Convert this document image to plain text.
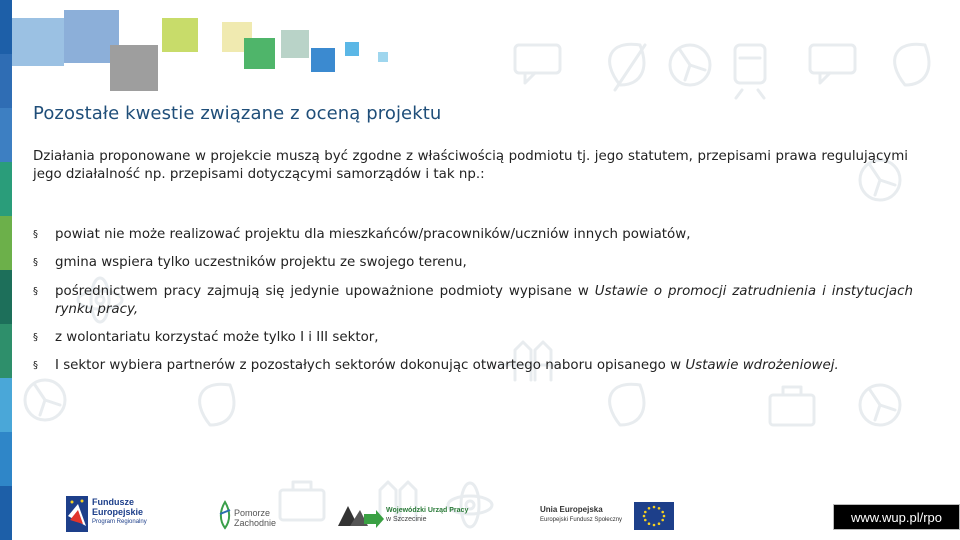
Pozostałe kwestie związane z oceną projektu

Działania proponowane w projekcie muszą być zgodne z właściwością podmiotu tj. jego statutem, przepisami prawa regulującymi jego działalność np. przepisami dotyczącymi samorządów i tak np.:

§ powiat nie może realizować projektu dla mieszkańców/pracowników/uczniów innych powiatów,
§ gmina wspiera tylko uczestników projektu ze swojego terenu,
§ pośrednictwem pracy zajmują się jedynie upoważnione podmioty wypisane w Ustawie o promocji zatrudnienia i instytucjach rynku pracy,
§ z wolontariatu korzystać może tylko I i III sektor,
§ I sektor wybiera partnerów z pozostałych sektorów dokonując otwartego naboru opisanego w Ustawie wdrożeniowej.
Fundusze
Europejskie
Program Regionalny
Pomorze
Zachodnie
Wojewódzki Urząd Pracy
w Szczecinie
Unia Europejska
Europejski Fundusz Społeczny	www.wup.pl/rpo
